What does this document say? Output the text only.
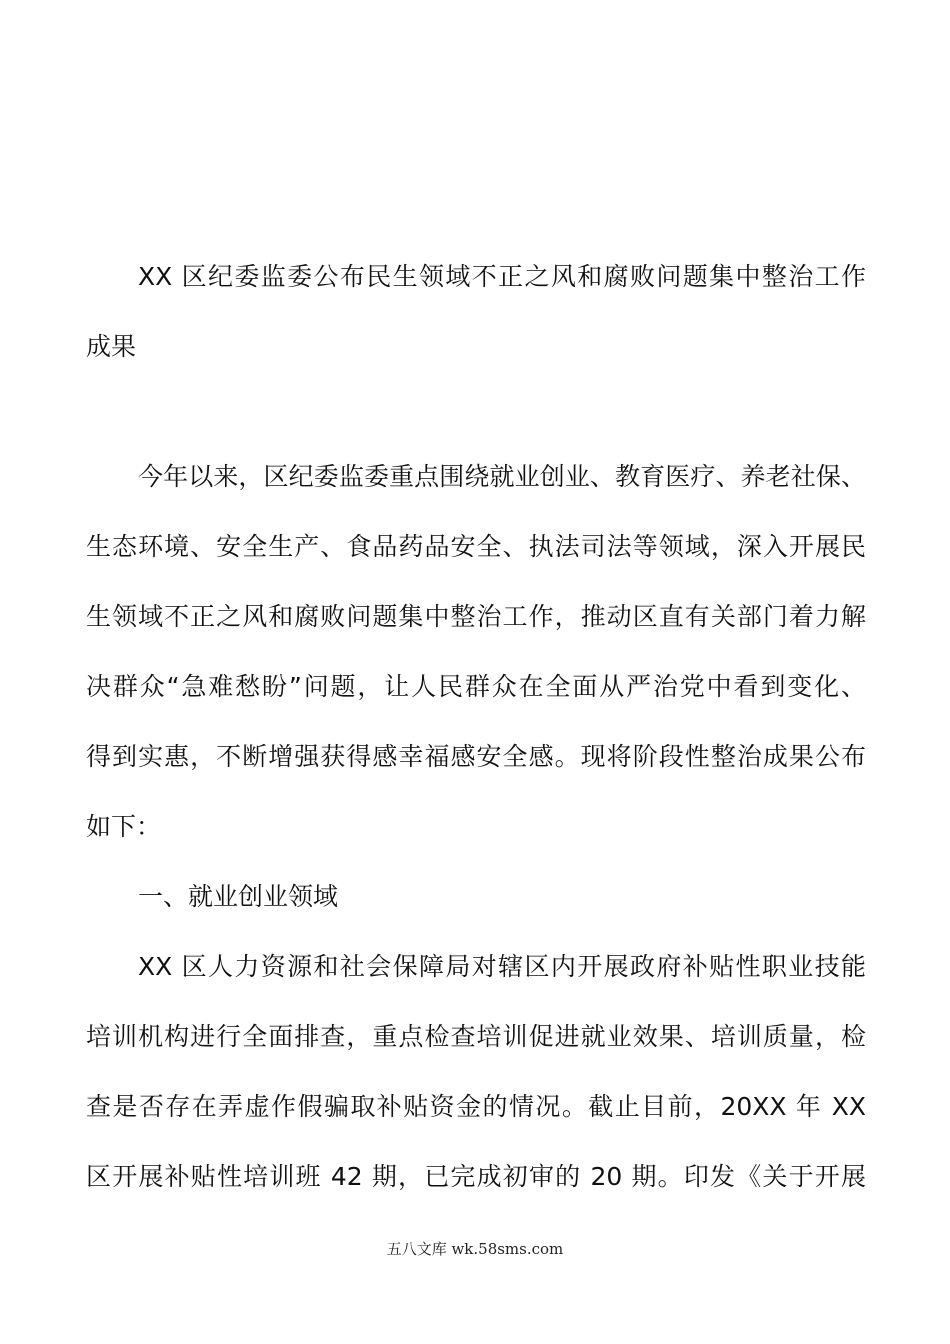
XX 区纪委监委公布民生领域不正之风和腐败问题集中整治工作
成果
今年以来，区纪委监委重点围绕就业创业、教育医疗、养老社保、
生态环境、安全生产、食品药品安全、执法司法等领域，深入开展民
生领域不正之风和腐败问题集中整治工作，推动区直有关部门着力解
决群众“急难愁盼”问题，让人民群众在全面从严治党中看到变化、
得到实惠，不断增强获得感幸福感安全感。现将阶段性整治成果公布
如下：
一、就业创业领域
XX 区人力资源和社会保障局对辖区内开展政府补贴性职业技能
培训机构进行全面排查，重点检查培训促进就业效果、培训质量，检
查是否存在弄虚作假骗取补贴资金的情况。截止目前，20XX 年 XX
区开展补贴性培训班 42 期，已完成初审的 20 期。印发《关于开展
五八文库 wk.58sms.com
